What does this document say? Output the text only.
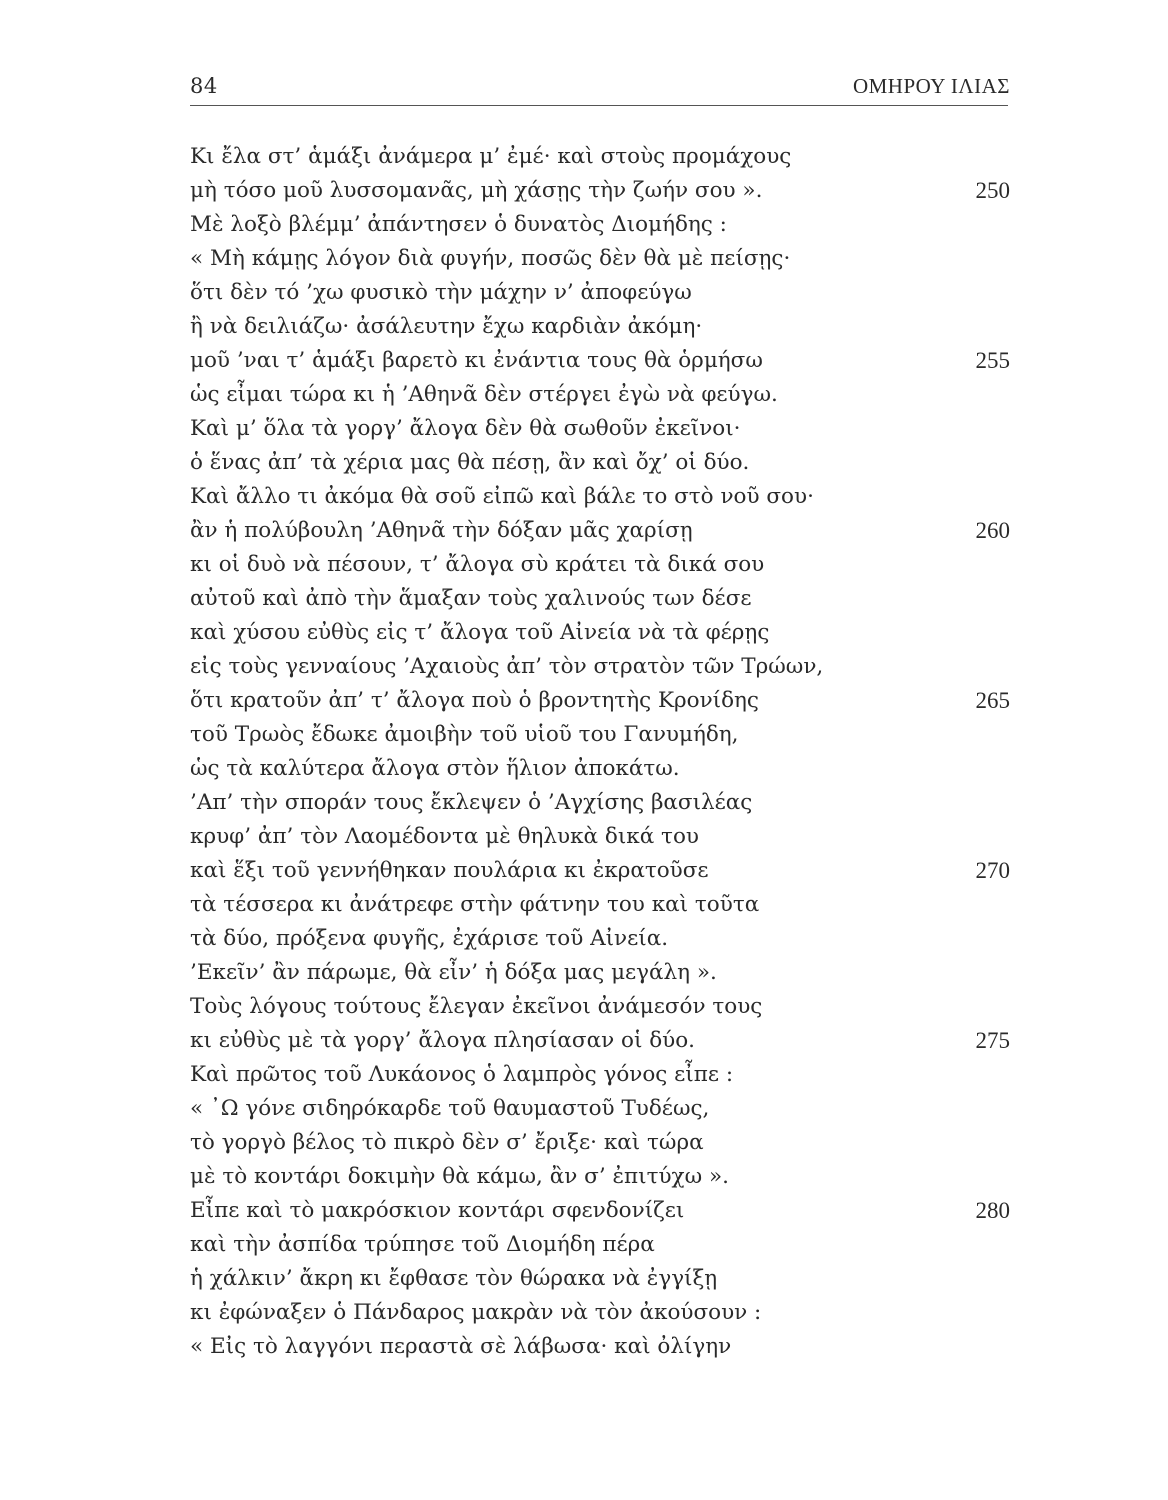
84	ΟΜΗΡΟΥ ΙΛΙΑΣ
Κι ἔλα στ’ ἁμάξι ἀνάμερα μ’ ἐμέ· καὶ στοὺς προμάχους
μὴ τόσο μοῦ λυσσομανᾶς, μὴ χάσῃς τὴν ζωήν σου ».	250
Μὲ λοξὸ βλέμμ’ ἀπάντησεν ὁ δυνατὸς Διομήδης :
« Μὴ κάμῃς λόγον διὰ φυγήν, ποσῶς δὲν θὰ μὲ πείσῃς·
ὅτι δὲν τό ’χω φυσικὸ τὴν μάχην ν’ ἀποφεύγω
ἢ νὰ δειλιάζω· ἀσάλευτην ἔχω καρδιὰν ἀκόμη·
μοῦ ’ναι τ’ ἁμάξι βαρετὸ κι ἐνάντια τους θὰ ὁρμήσω	255
ὡς εἶμαι τώρα κι ἡ ’Αθηνᾶ δὲν στέργει ἐγὼ νὰ φεύγω.
Καὶ μ’ ὅλα τὰ γοργ’ ἄλογα δὲν θὰ σωθοῦν ἐκεῖνοι·
ὁ ἕνας ἀπ’ τὰ χέρια μας θὰ πέσῃ, ἂν καὶ ὄχ’ οἱ δύο.
Καὶ ἄλλο τι ἀκόμα θὰ σοῦ εἰπῶ καὶ βάλε το στὸ νοῦ σου·
ἂν ἡ πολύβουλη ’Αθηνᾶ τὴν δόξαν μᾶς χαρίσῃ	260
κι οἱ δυὸ νὰ πέσουν, τ’ ἄλογα σὺ κράτει τὰ δικά σου
αὐτοῦ καὶ ἀπὸ τὴν ἅμαξαν τοὺς χαλινούς των δέσε
καὶ χύσου εὐθὺς εἰς τ’ ἄλογα τοῦ Αἰνεία νὰ τὰ φέρῃς
εἰς τοὺς γενναίους ’Αχαιοὺς ἀπ’ τὸν στρατὸν τῶν Τρώων,
ὅτι κρατοῦν ἀπ’ τ’ ἄλογα ποὺ ὁ βροντητὴς Κρονίδης	265
τοῦ Τρωὸς ἔδωκε ἀμοιβὴν τοῦ υἱοῦ του Γανυμήδη,
ὡς τὰ καλύτερα ἄλογα στὸν ἥλιον ἀποκάτω.
’Απ’ τὴν σποράν τους ἔκλεψεν ὁ ’Αγχίσης βασιλέας
κρυφ’ ἀπ’ τὸν Λαομέδοντα μὲ θηλυκὰ δικά του
καὶ ἕξι τοῦ γεννήθηκαν πουλάρια κι ἐκρατοῦσε	270
τὰ τέσσερα κι ἀνάτρεφε στὴν φάτνην του καὶ τοῦτα
τὰ δύο, πρόξενα φυγῆς, ἐχάρισε τοῦ Αἰνεία.
’Εκεῖν’ ἂν πάρωμε, θὰ εἶν’ ἡ δόξα μας μεγάλη ».
Τοὺς λόγους τούτους ἔλεγαν ἐκεῖνοι ἀνάμεσόν τους
κι εὐθὺς μὲ τὰ γοργ’ ἄλογα πλησίασαν οἱ δύο.	275
Καὶ πρῶτος τοῦ Λυκάονος ὁ λαμπρὸς γόνος εἶπε :
« ᾿Ω γόνε σιδηρόκαρδε τοῦ θαυμαστοῦ Τυδέως,
τὸ γοργὸ βέλος τὸ πικρὸ δὲν σ’ ἔριξε· καὶ τώρα
μὲ τὸ κοντάρι δοκιμὴν θὰ κάμω, ἂν σ’ ἐπιτύχω ».
Εἶπε καὶ τὸ μακρόσκιον κοντάρι σφενδονίζει	280
καὶ τὴν ἀσπίδα τρύπησε τοῦ Διομήδη πέρα
ἡ χάλκιν’ ἄκρη κι ἔφθασε τὸν θώρακα νὰ ἐγγίξῃ
κι ἐφώναξεν ὁ Πάνδαρος μακρὰν νὰ τὸν ἀκούσουν :
« Εἰς τὸ λαγγόνι περαστὰ σὲ λάβωσα· καὶ ὀλίγην
